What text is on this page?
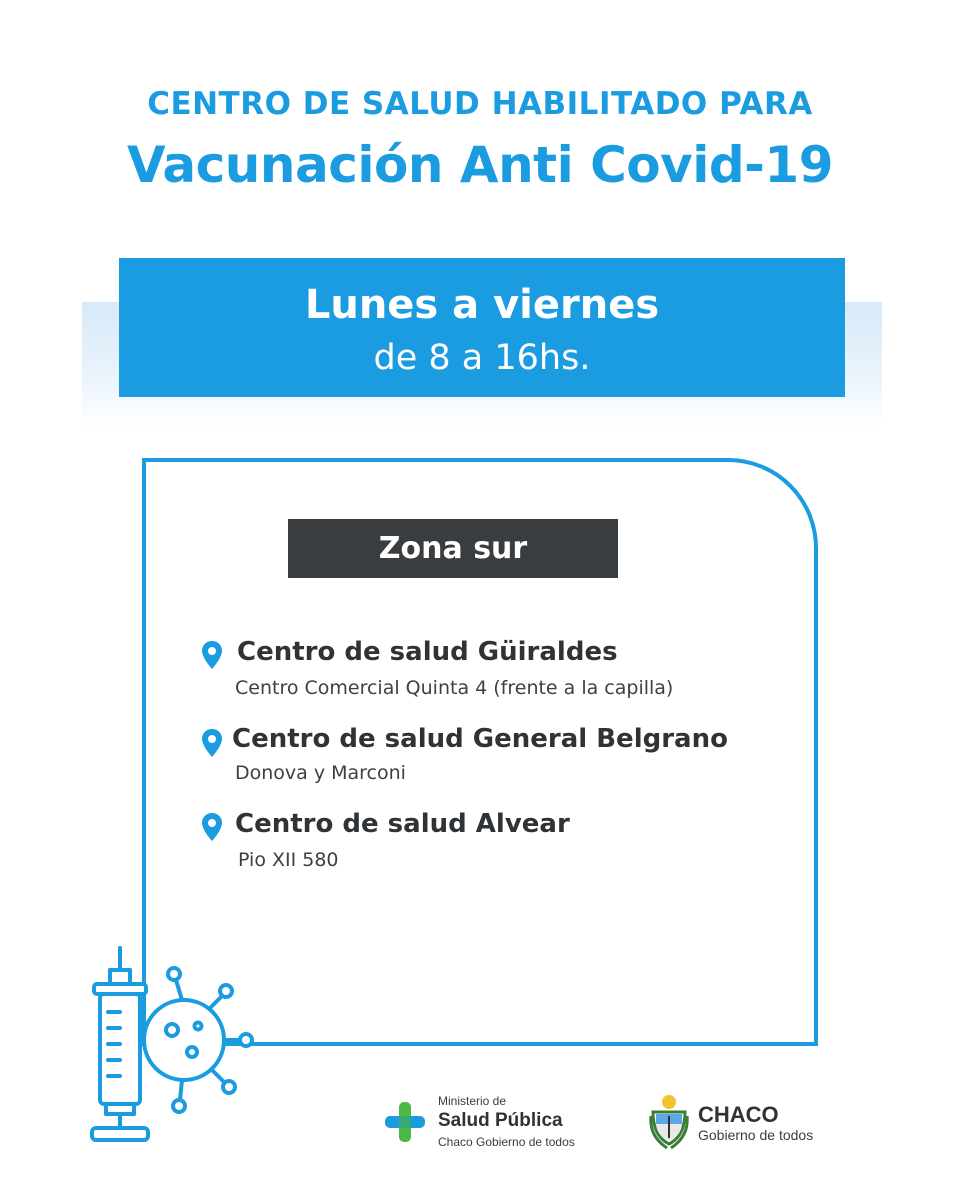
CENTRO DE SALUD HABILITADO PARA
Vacunación Anti Covid-19
Lunes a viernes
de 8 a 16hs.
Zona sur
Centro de salud Güiraldes
Centro Comercial Quinta 4 (frente a la capilla)
Centro de salud General Belgrano
Donova y Marconi
Centro de salud Alvear
Pio XII 580
Ministerio de
Salud Pública
Chaco Gobierno de todos
CHACO
Gobierno de todos
